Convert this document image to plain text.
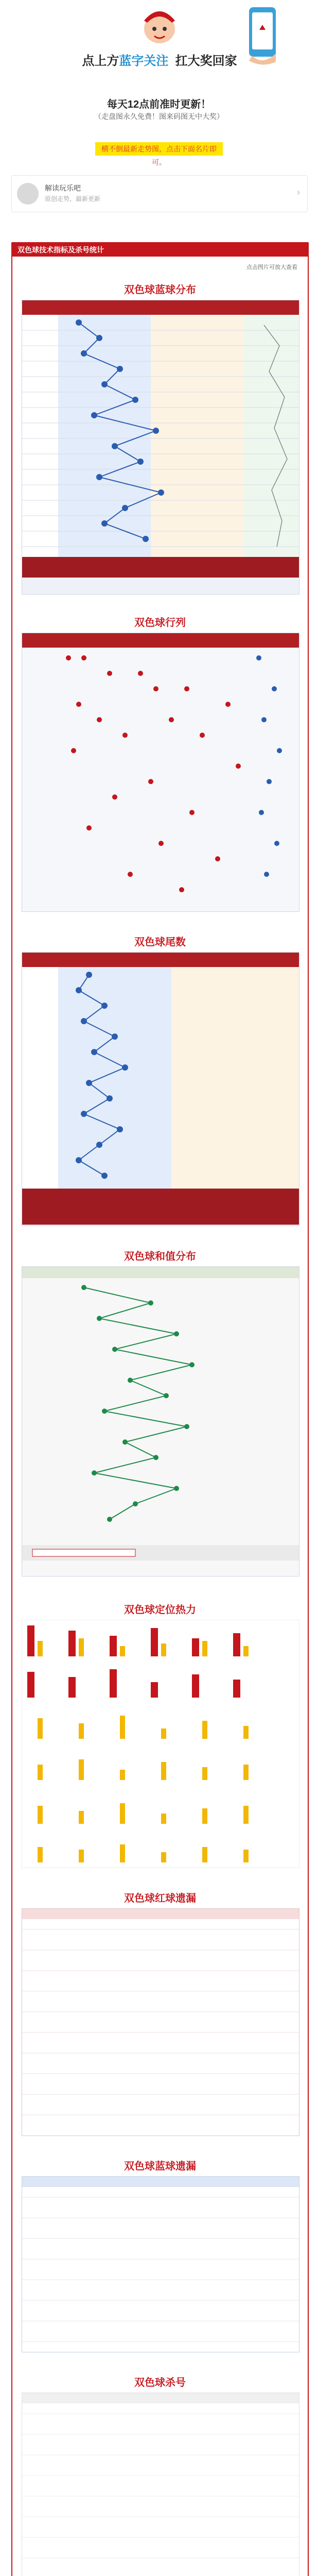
点上方蓝字关注 扛大奖回家
每天12点前准时更新！
（走盘图永久免费！图来码图无中大奖）
横不倒最新走势图，点击下面名片即可。
解读玩乐吧
原创走势，最新更新
›
双色球技术指标及杀号统计
点击图片可放大查看
双色球蓝球分布
双色球行列
双色球尾数
双色球和值分布
双色球定位热力
双色球红球遗漏
双色球蓝球遗漏
双色球杀号
